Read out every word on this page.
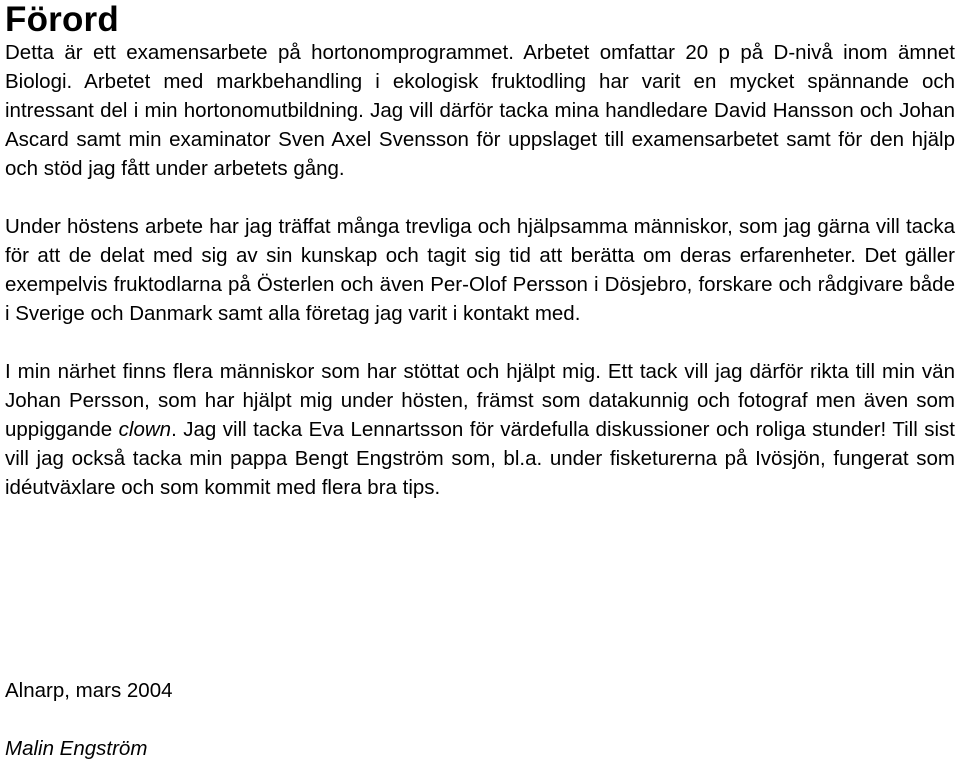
Förord

Detta är ett examensarbete på hortonomprogrammet. Arbetet omfattar 20 p på D-nivå inom ämnet Biologi. Arbetet med markbehandling i ekologisk fruktodling har varit en mycket spännande och intressant del i min hortonomutbildning. Jag vill därför tacka mina handledare David Hansson och Johan Ascard samt min examinator Sven Axel Svensson för uppslaget till examensarbetet samt för den hjälp och stöd jag fått under arbetets gång.

Under höstens arbete har jag träffat många trevliga och hjälpsamma människor, som jag gärna vill tacka för att de delat med sig av sin kunskap och tagit sig tid att berätta om deras erfarenheter. Det gäller exempelvis fruktodlarna på Österlen och även Per-Olof Persson i Dösjebro, forskare och rådgivare både i Sverige och Danmark samt alla företag jag varit i kontakt med.

I min närhet finns flera människor som har stöttat och hjälpt mig. Ett tack vill jag därför rikta till min vän Johan Persson, som har hjälpt mig under hösten, främst som datakunnig och fotograf men även som uppiggande clown. Jag vill tacka Eva Lennartsson för värdefulla diskussioner och roliga stunder! Till sist vill jag också tacka min pappa Bengt Engström som, bl.a. under fisketurerna på Ivösjön, fungerat som idéutväxlare och som kommit med flera bra tips.

Alnarp, mars 2004

Malin Engström
